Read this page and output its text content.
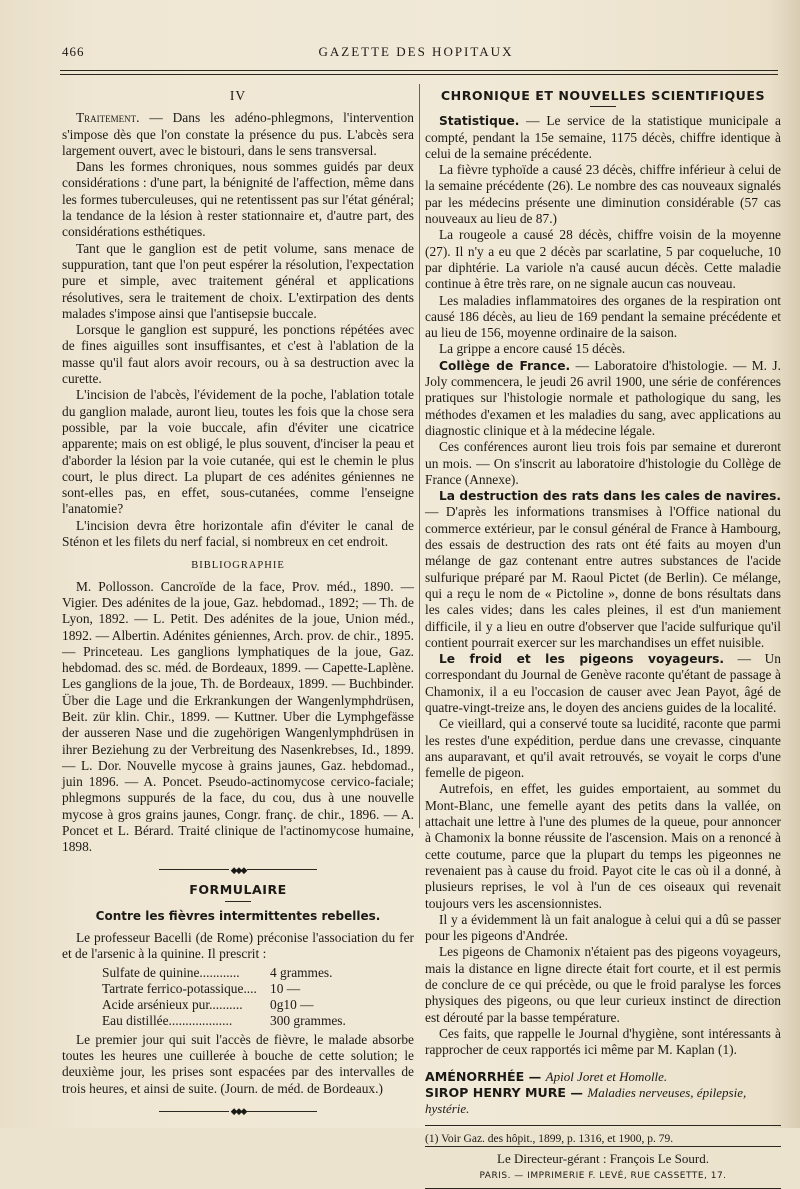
466	GAZETTE DES HOPITAUX
IV

Traitement. — Dans les adéno-phlegmons, l'intervention s'impose dès que l'on constate la présence du pus. L'abcès sera largement ouvert, avec le bistouri, dans le sens transversal.

Dans les formes chroniques, nous sommes guidés par deux considérations : d'une part, la bénignité de l'affection, même dans les formes tuberculeuses, qui ne retentissent pas sur l'état général; la tendance de la lésion à rester stationnaire et, d'autre part, des considérations esthétiques.

Tant que le ganglion est de petit volume, sans menace de suppuration, tant que l'on peut espérer la résolution, l'expectation pure et simple, avec traitement général et applications résolutives, sera le traitement de choix. L'extirpation des dents malades s'impose ainsi que l'antisepsie buccale.

Lorsque le ganglion est suppuré, les ponctions répétées avec de fines aiguilles sont insuffisantes, et c'est à l'ablation de la masse qu'il faut alors avoir recours, ou à sa destruction avec la curette.

L'incision de l'abcès, l'évidement de la poche, l'ablation totale du ganglion malade, auront lieu, toutes les fois que la chose sera possible, par la voie buccale, afin d'éviter une cicatrice apparente; mais on est obligé, le plus souvent, d'inciser la peau et d'aborder la lésion par la voie cutanée, qui est le chemin le plus court, le plus direct. La plupart de ces adénites géniennes ne sont-elles pas, en effet, sous-cutanées, comme l'enseigne l'anatomie?

L'incision devra être horizontale afin d'éviter le canal de Sténon et les filets du nerf facial, si nombreux en cet endroit.

BIBLIOGRAPHIE

M. Pollosson. Cancroïde de la face, Prov. méd., 1890. — Vigier. Des adénites de la joue, Gaz. hebdomad., 1892; — Th. de Lyon, 1892. — L. Petit. Des adénites de la joue, Union méd., 1892. — Albertin. Adénites géniennes, Arch. prov. de chir., 1895. — Princeteau. Les ganglions lymphatiques de la joue, Gaz. hebdomad. des sc. méd. de Bordeaux, 1899. — Capette-Laplène. Les ganglions de la joue, Th. de Bordeaux, 1899. — Buchbinder. Über die Lage und die Erkrankungen der Wangenlymphdrüsen, Beit. zür klin. Chir., 1899. — Kuttner. Uber die Lymphgefässe der ausseren Nase und die zugehörigen Wangenlymphdrüsen in ihrer Beziehung zu der Verbreitung des Nasenkrebses, Id., 1899. — L. Dor. Nouvelle mycose à grains jaunes, Gaz. hebdomad., juin 1896. — A. Poncet. Pseudo-actinomycose cervico-faciale; phlegmons suppurés de la face, du cou, dus à une nouvelle mycose à gros grains jaunes, Congr. franç. de chir., 1896. — A. Poncet et L. Bérard. Traité clinique de l'actinomycose humaine, 1898.

◆◆◆
FORMULAIRE
Contre les fièvres intermittentes rebelles.

Le professeur Bacelli (de Rome) préconise l'association du fer et de l'arsenic à la quinine. Il prescrit :

Sulfate de quinine............	4 grammes.
Tartrate ferrico-potassique.... 10 —
Acide arsénieux pur..........	0g10 —
Eau distillée...................	300 grammes.

Le premier jour qui suit l'accès de fièvre, le malade absorbe toutes les heures une cuillerée à bouche de cette solution; le deuxième jour, les prises sont espacées par des intervalles de trois heures, et ainsi de suite. (Journ. de méd. de Bordeaux.)

◆◆◆
CHRONIQUE ET NOUVELLES SCIENTIFIQUES

Statistique. — Le service de la statistique municipale a compté, pendant la 15e semaine, 1175 décès, chiffre identique à celui de la semaine précédente.

La fièvre typhoïde a causé 23 décès, chiffre inférieur à celui de la semaine précédente (26). Le nombre des cas nouveaux signalés par les médecins présente une diminution considérable (57 cas nouveaux au lieu de 87.)

La rougeole a causé 28 décès, chiffre voisin de la moyenne (27). Il n'y a eu que 2 décès par scarlatine, 5 par coqueluche, 10 par diphtérie. La variole n'a causé aucun décès. Cette maladie continue à être très rare, on ne signale aucun cas nouveau.

Les maladies inflammatoires des organes de la respiration ont causé 186 décès, au lieu de 169 pendant la semaine précédente et au lieu de 156, moyenne ordinaire de la saison.

La grippe a encore causé 15 décès.

Collège de France. — Laboratoire d'histologie. — M. J. Joly commencera, le jeudi 26 avril 1900, une série de conférences pratiques sur l'histologie normale et pathologique du sang, les méthodes d'examen et les maladies du sang, avec applications au diagnostic clinique et à la médecine légale.

Ces conférences auront lieu trois fois par semaine et dureront un mois. — On s'inscrit au laboratoire d'histologie du Collège de France (Annexe).

La destruction des rats dans les cales de navires. — D'après les informations transmises à l'Office national du commerce extérieur, par le consul général de France à Hambourg, des essais de destruction des rats ont été faits au moyen d'un mélange de gaz contenant entre autres substances de l'acide sulfurique préparé par M. Raoul Pictet (de Berlin). Ce mélange, qui a reçu le nom de « Pictoline », donne de bons résultats dans les cales vides; dans les cales pleines, il est d'un maniement difficile, il y a lieu en outre d'observer que l'acide sulfurique qu'il contient pourrait exercer sur les marchandises un effet nuisible.

Le froid et les pigeons voyageurs. — Un correspondant du Journal de Genève raconte qu'étant de passage à Chamonix, il a eu l'occasion de causer avec Jean Payot, âgé de quatre-vingt-treize ans, le doyen des anciens guides de la localité.

Ce vieillard, qui a conservé toute sa lucidité, raconte que parmi les restes d'une expédition, perdue dans une crevasse, cinquante ans auparavant, et qu'il avait retrouvés, se voyait le corps d'une femelle de pigeon.

Autrefois, en effet, les guides emportaient, au sommet du Mont-Blanc, une femelle ayant des petits dans la vallée, on attachait une lettre à l'une des plumes de la queue, pour annoncer à Chamonix la bonne réussite de l'ascension. Mais on a renoncé à cette coutume, parce que la plupart du temps les pigeonnes ne revenaient pas à cause du froid. Payot cite le cas où il a donné, à plusieurs reprises, le vol à l'un de ces oiseaux qui revenait toujours vers les ascensionnistes.

Il y a évidemment là un fait analogue à celui qui a dû se passer pour les pigeons d'Andrée.

Les pigeons de Chamonix n'étaient pas des pigeons voyageurs, mais la distance en ligne directe était fort courte, et il est permis de conclure de ce qui précède, ou que le froid paralyse les forces physiques des pigeons, ou que leur curieux instinct de direction est dérouté par la basse température.

Ces faits, que rappelle le Journal d'hygiène, sont intéressants à rapprocher de ceux rapportés ici même par M. Kaplan (1).

AMÉNORRHÉE — Apiol Joret et Homolle.

SIROP HENRY MURE — Maladies nerveuses, épilepsie, hystérie.

(1) Voir Gaz. des hôpit., 1899, p. 1316, et 1900, p. 79.

Le Directeur-gérant : François Le Sourd.

PARIS. — IMPRIMERIE F. LEVÉ, RUE CASSETTE, 17.
